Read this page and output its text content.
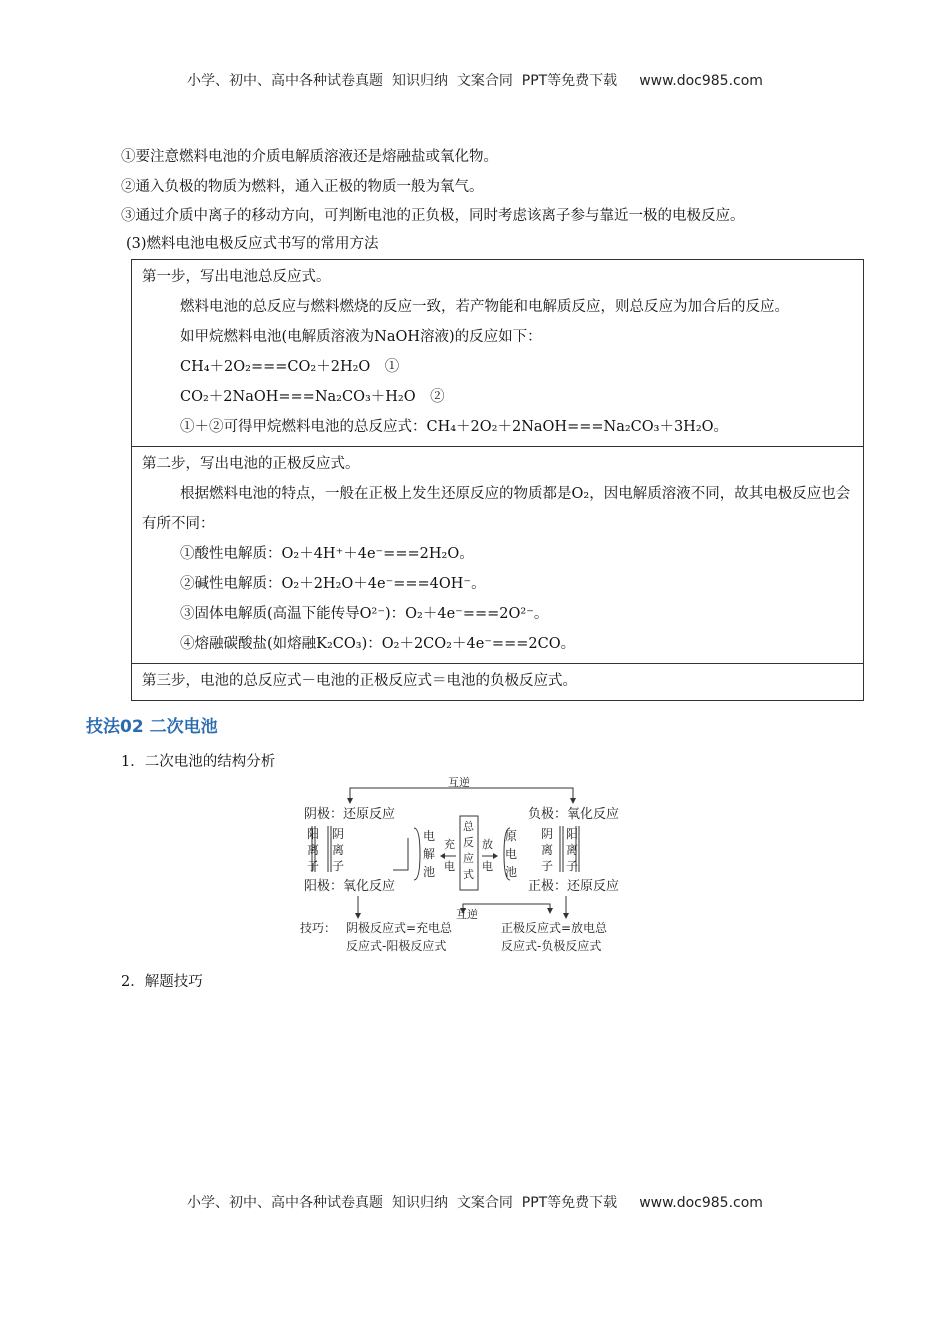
小学、初中、高中各种试卷真题  知识归纳  文案合同  PPT等免费下载 www.doc985.com
①要注意燃料电池的介质电解质溶液还是熔融盐或氧化物。
②通入负极的物质为燃料，通入正极的物质一般为氧气。
③通过介质中离子的移动方向，可判断电池的正负极，同时考虑该离子参与靠近一极的电极反应。
(3)燃料电池电极反应式书写的常用方法
第一步，写出电池总反应式。
燃料电池的总反应与燃料燃烧的反应一致，若产物能和电解质反应，则总反应为加合后的反应。
如甲烷燃料电池(电解质溶液为NaOH溶液)的反应如下：
CH₄＋2O₂===CO₂＋2H₂O　①
CO₂＋2NaOH===Na₂CO₃＋H₂O　②
①＋②可得甲烷燃料电池的总反应式：CH₄＋2O₂＋2NaOH===Na₂CO₃＋3H₂O。

第二步，写出电池的正极反应式。
根据燃料电池的特点，一般在正极上发生还原反应的物质都是O₂，因电解质溶液不同，故其电极反应也会有所不同：
①酸性电解质：O₂＋4H⁺＋4e⁻===2H₂O。
②碱性电解质：O₂＋2H₂O＋4e⁻===4OH⁻。
③固体电解质(高温下能传导O²⁻)：O₂＋4e⁻===2O²⁻。
④熔融碳酸盐(如熔融K₂CO₃)：O₂＋2CO₂＋4e⁻===2CO。

第三步，电池的总反应式－电池的正极反应式＝电池的负极反应式。
技法02 二次电池
1．二次电池的结构分析
互逆
阴极：还原反应
阳极：氧化反应
负极：氧化反应
正极：还原反应
阳
离
子
阴
离
子
阴
离
子
阳
离
子
电
解
池
充
电
总
反
应
式
放
电
原
电
池
技巧： 阴极反应式=充电总
反应式-阳极反应式
互逆
正极反应式=放电总
反应式-负极反应式
2．解题技巧
小学、初中、高中各种试卷真题  知识归纳  文案合同  PPT等免费下载 www.doc985.com
